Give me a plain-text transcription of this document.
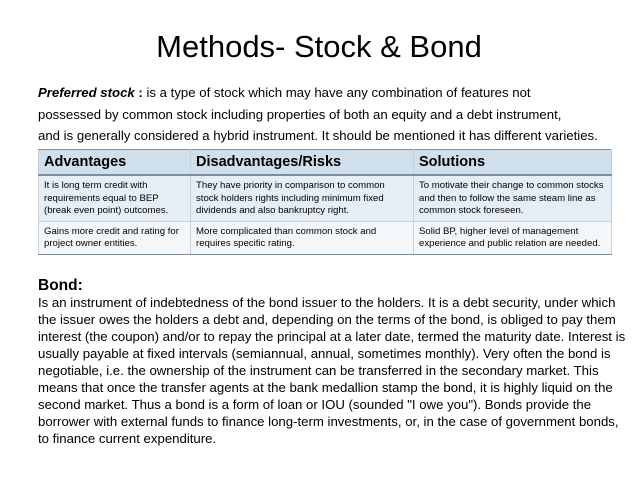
Methods- Stock & Bond
Preferred stock : is a type of stock which may have any combination of features not
possessed by common stock including properties of both an equity and a debt instrument,
and is generally considered a hybrid instrument. It should be mentioned it has different varieties.
Advantages	Disadvantages/Risks	Solutions
It is long term credit with requirements equal to BEP (break even point) outcomes.	They have priority in comparison to common stock holders rights including minimum fixed dividends and also bankruptcy right.	To motivate their change to common stocks and then to follow the same steam line as common stock foreseen.
Gains more credit and rating for project owner entities.	More complicated than common stock and requires specific rating.	Solid BP, higher level of management experience and public relation are needed.
Bond:
Is an instrument of indebtedness of the bond issuer to the holders. It is a debt security, under which the issuer owes the holders a debt and, depending on the terms of the bond, is obliged to pay them interest (the coupon) and/or to repay the principal at a later date, termed the maturity date. Interest is usually payable at fixed intervals (semiannual, annual, sometimes monthly). Very often the bond is negotiable, i.e. the ownership of the instrument can be transferred in the secondary market. This means that once the transfer agents at the bank medallion stamp the bond, it is highly liquid on the second market. Thus a bond is a form of loan or IOU (sounded "I owe you"). Bonds provide the borrower with external funds to finance long-term investments, or, in the case of government bonds, to finance current expenditure.
